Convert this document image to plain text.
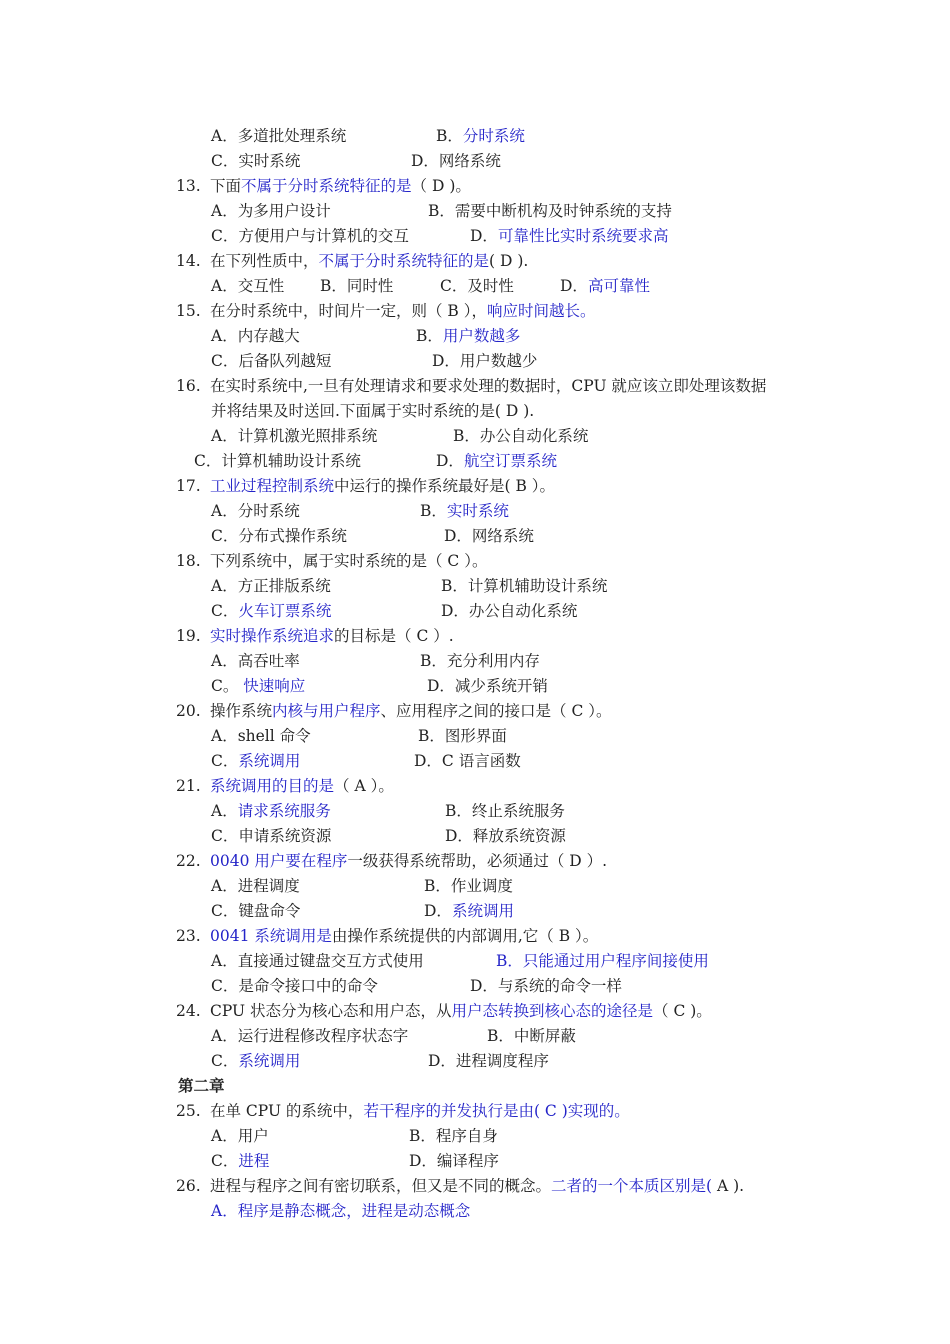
A．多道批处理系统	B．分时系统
C．实时系统	D．网络系统
13. 下面不属于分时系统特征的是（ D )。
A．为多用户设计	B．需要中断机构及时钟系统的支持
C．方便用户与计算机的交互	D．可靠性比实时系统要求高
14. 在下列性质中，不属于分时系统特征的是( D ).
A．交互性 B．同时性	C．及时性	D．高可靠性
15. 在分时系统中，时间片一定，则（ B ），响应时间越长。
A．内存越大	B．用户数越多
C．后备队列越短	D．用户数越少
16. 在实时系统中,一旦有处理请求和要求处理的数据时，CPU 就应该立即处理该数据
并将结果及时送回.下面属于实时系统的是( D ).
A．计算机激光照排系统	B．办公自动化系统
C．计算机辅助设计系统	D．航空订票系统
17. 工业过程控制系统中运行的操作系统最好是( B ）。
A．分时系统	B．实时系统
C．分布式操作系统	D．网络系统
18. 下列系统中，属于实时系统的是（ C ）。
A．方正排版系统	B．计算机辅助设计系统
C．火车订票系统	D．办公自动化系统
19. 实时操作系统追求的目标是（ C ）.
A．高吞吐率	B．充分利用内存
C。 快速响应	D．减少系统开销
20. 操作系统内核与用户程序、应用程序之间的接口是（ C ）。
A．shell 命令	B．图形界面
C．系统调用	D．C 语言函数
21. 系统调用的目的是（ A ）。
A．请求系统服务	B．终止系统服务
C．申请系统资源	D．释放系统资源
22. 0040 用户要在程序一级获得系统帮助，必须通过（ D ）.
A．进程调度	B．作业调度
C．键盘命令	D．系统调用
23. 0041 系统调用是由操作系统提供的内部调用,它（ B ）。
A．直接通过键盘交互方式使用	B．只能通过用户程序间接使用
C．是命令接口中的命令	D．与系统的命令一样
24. CPU 状态分为核心态和用户态，从用户态转换到核心态的途径是（ C )。
A．运行进程修改程序状态字	B．中断屏蔽
C．系统调用	D．进程调度程序
第二章
25. 在单 CPU 的系统中，若干程序的并发执行是由( C )实现的。
A．用户	B．程序自身
C．进程	D．编译程序
26. 进程与程序之间有密切联系，但又是不同的概念。二者的一个本质区别是( A ).
A．程序是静态概念，进程是动态概念
